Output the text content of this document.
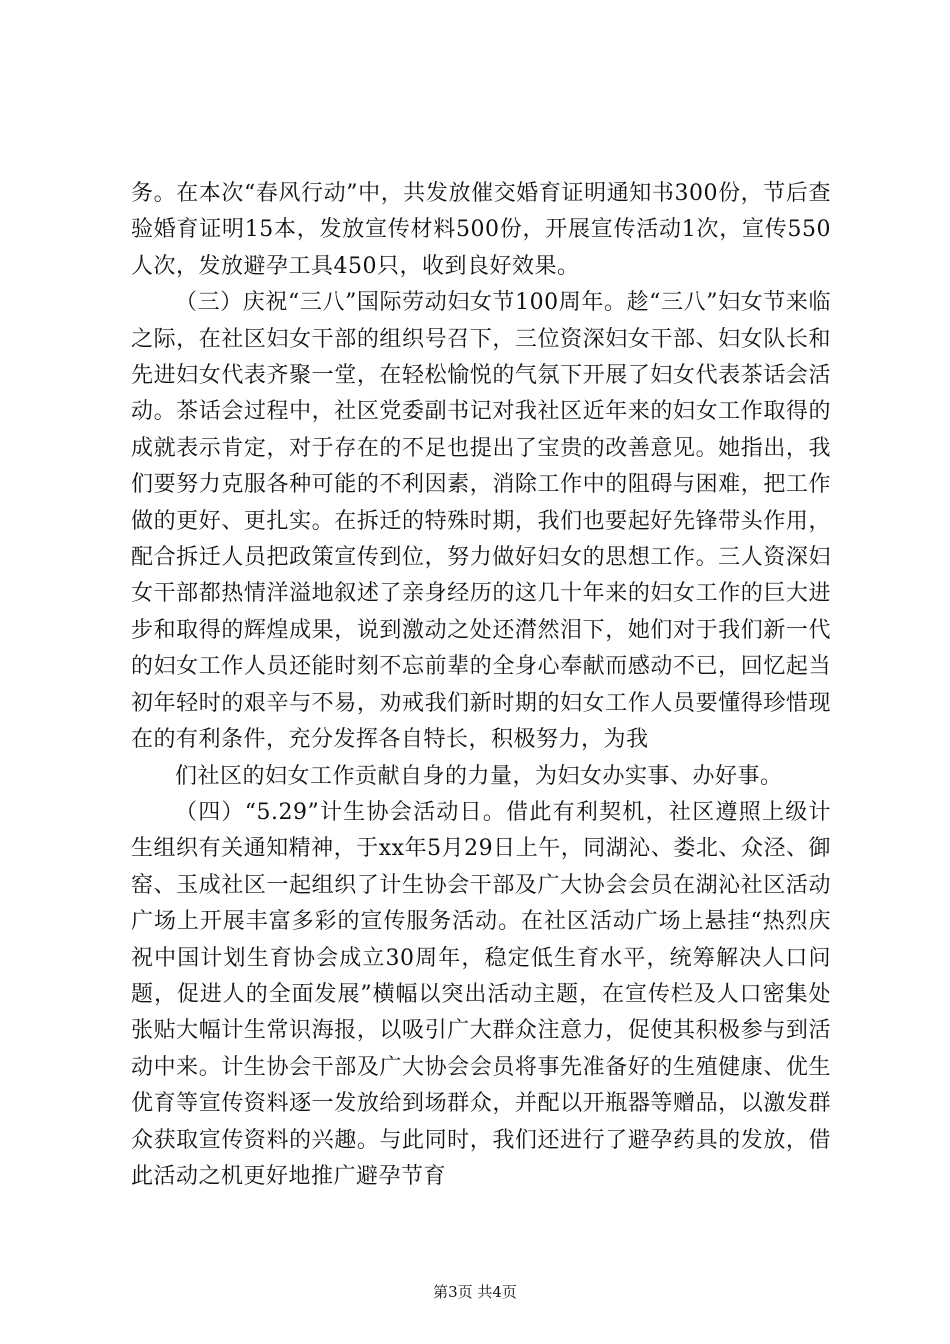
务。在本次“春风行动”中，共发放催交婚育证明通知书300份，节后查验婚育证明15本，发放宣传材料500份，开展宣传活动1次，宣传550人次，发放避孕工具450只，收到良好效果。

（三）庆祝“三八”国际劳动妇女节100周年。趁“三八”妇女节来临之际，在社区妇女干部的组织号召下，三位资深妇女干部、妇女队长和先进妇女代表齐聚一堂，在轻松愉悦的气氛下开展了妇女代表茶话会活动。茶话会过程中，社区党委副书记对我社区近年来的妇女工作取得的成就表示肯定，对于存在的不足也提出了宝贵的改善意见。她指出，我们要努力克服各种可能的不利因素，消除工作中的阻碍与困难，把工作做的更好、更扎实。在拆迁的特殊时期，我们也要起好先锋带头作用，配合拆迁人员把政策宣传到位，努力做好妇女的思想工作。三人资深妇女干部都热情洋溢地叙述了亲身经历的这几十年来的妇女工作的巨大进步和取得的辉煌成果，说到激动之处还潸然泪下，她们对于我们新一代的妇女工作人员还能时刻不忘前辈的全身心奉献而感动不已，回忆起当初年轻时的艰辛与不易，劝戒我们新时期的妇女工作人员要懂得珍惜现在的有利条件，充分发挥各自特长，积极努力，为我

们社区的妇女工作贡献自身的力量，为妇女办实事、办好事。

（四）“5.29”计生协会活动日。借此有利契机，社区遵照上级计生组织有关通知精神，于xx年5月29日上午，同湖沁、娄北、众泾、御窑、玉成社区一起组织了计生协会干部及广大协会会员在湖沁社区活动广场上开展丰富多彩的宣传服务活动。在社区活动广场上悬挂“热烈庆祝中国计划生育协会成立30周年，稳定低生育水平，统筹解决人口问题，促进人的全面发展”横幅以突出活动主题，在宣传栏及人口密集处张贴大幅计生常识海报，以吸引广大群众注意力，促使其积极参与到活动中来。计生协会干部及广大协会会员将事先准备好的生殖健康、优生优育等宣传资料逐一发放给到场群众，并配以开瓶器等赠品，以激发群众获取宣传资料的兴趣。与此同时，我们还进行了避孕药具的发放，借此活动之机更好地推广避孕节育

第3页 共4页
